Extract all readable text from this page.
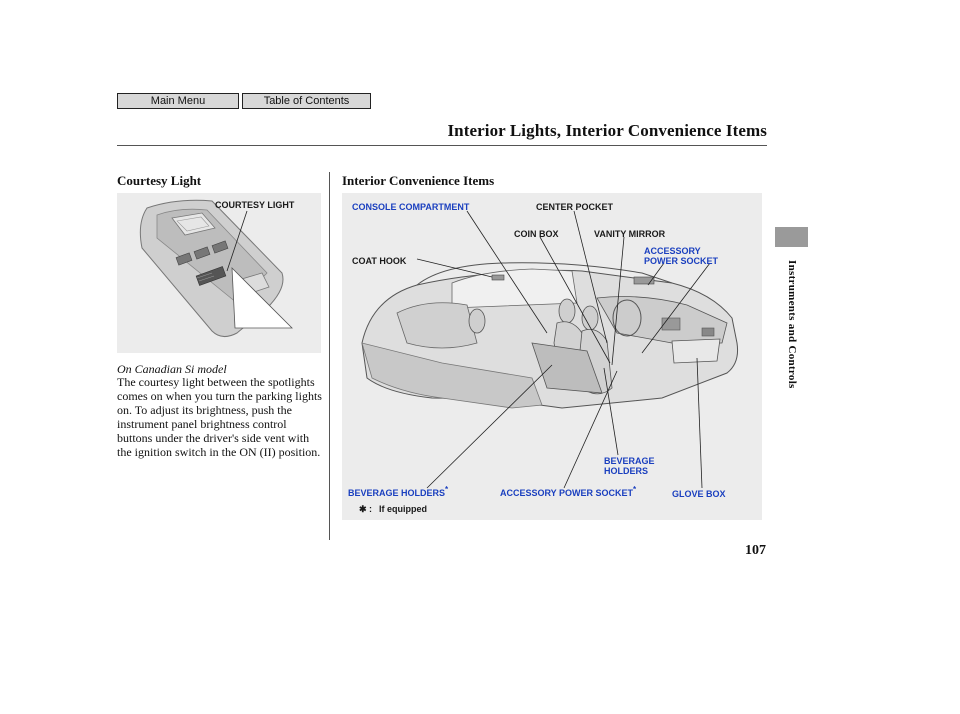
Main Menu	Table of Contents
Interior Lights, Interior Convenience Items
Instruments and Controls
Courtesy Light	Interior Convenience Items
COURTESY LIGHT
On Canadian Si model
The courtesy light between the spotlights comes on when you turn the parking lights on. To adjust its brightness, push the instrument panel brightness control buttons under the driver's side vent with the ignition switch in the ON (II) position.
CONSOLE COMPARTMENT	CENTER POCKET
COIN BOX	VANITY MIRROR
ACCESSORY
POWER SOCKET
COAT HOOK
BEVERAGE
HOLDERS
BEVERAGE HOLDERS*	ACCESSORY POWER SOCKET*	GLOVE BOX
✱ : If equipped
107
